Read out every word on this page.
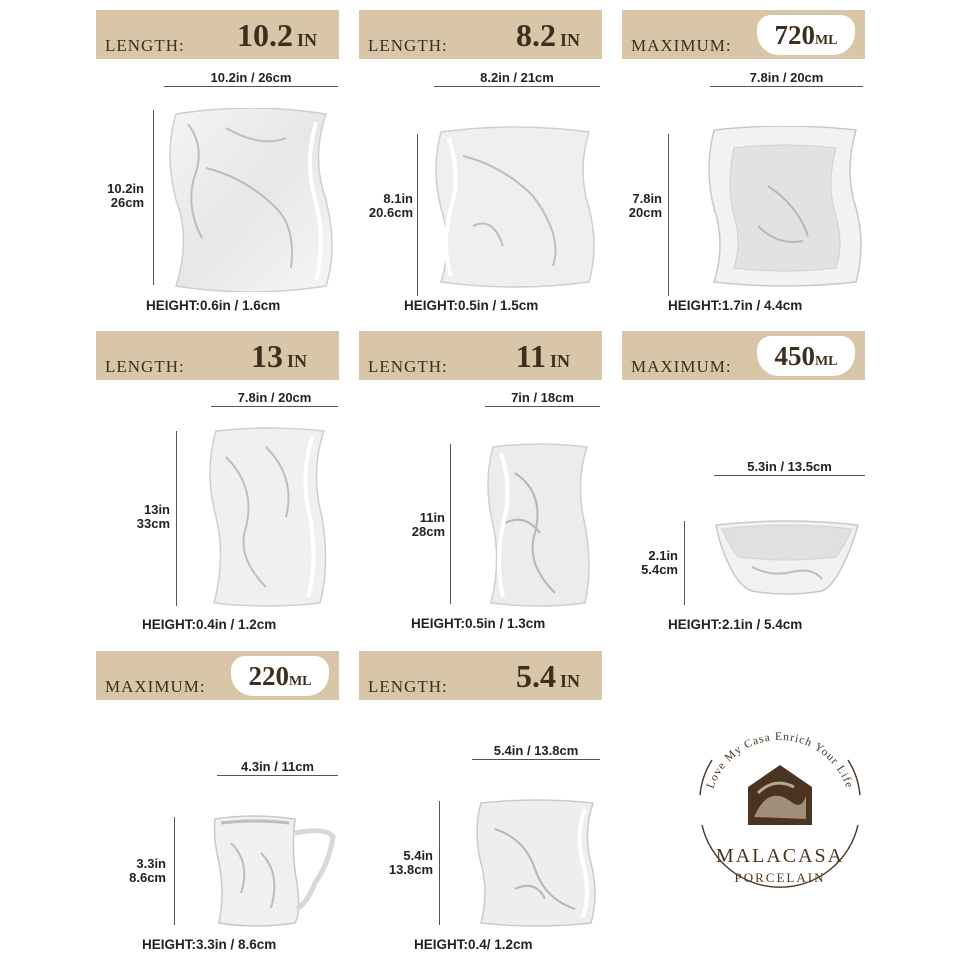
LENGTH: 10.2 IN
10.2in / 26cm
10.2in
26cm
HEIGHT:0.6in / 1.6cm
LENGTH: 8.2 IN
8.2in / 21cm
8.1in
20.6cm
HEIGHT:0.5in / 1.5cm
MAXIMUM:	720ML
7.8in / 20cm
7.8in
20cm
HEIGHT:1.7in / 4.4cm
LENGTH: 13 IN
7.8in / 20cm
13in
33cm
HEIGHT:0.4in / 1.2cm
LENGTH: 11 IN
7in / 18cm
11in
28cm
HEIGHT:0.5in / 1.3cm
MAXIMUM:	450ML
5.3in / 13.5cm
2.1in
5.4cm
HEIGHT:2.1in / 5.4cm
MAXIMUM:	220ML
4.3in / 11cm
3.3in
8.6cm
HEIGHT:3.3in / 8.6cm
LENGTH: 5.4 IN
5.4in / 13.8cm
5.4in
13.8cm
HEIGHT:0.4/ 1.2cm
Love My Casa Enrich Your Life
MALACASA
PORCELAIN
